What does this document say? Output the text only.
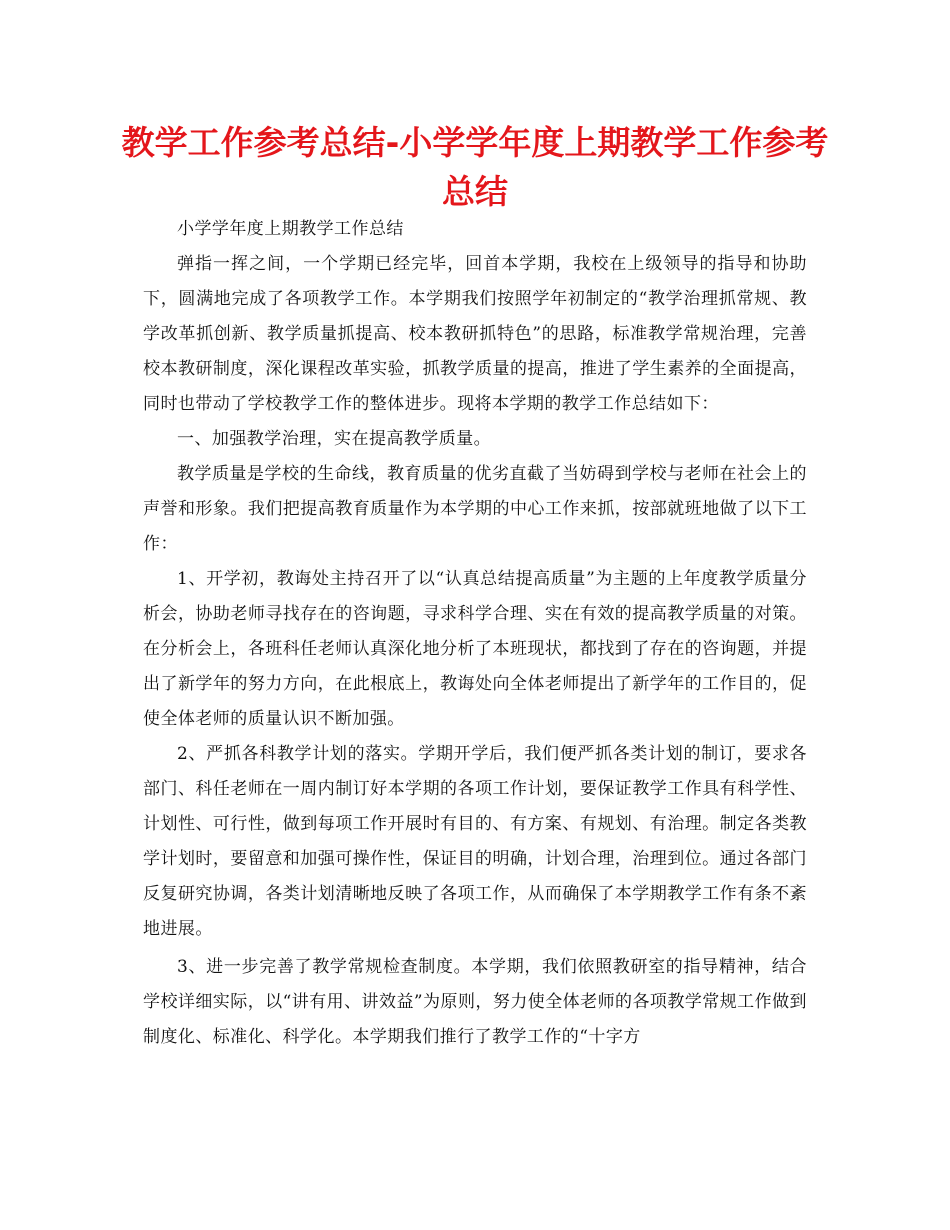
教学工作参考总结-小学学年度上期教学工作参考总结

小学学年度上期教学工作总结

弹指一挥之间，一个学期已经完毕，回首本学期，我校在上级领导的指导和协助下，圆满地完成了各项教学工作。本学期我们按照学年初制定的“教学治理抓常规、教学改革抓创新、教学质量抓提高、校本教研抓特色”的思路，标准教学常规治理，完善校本教研制度，深化课程改革实验，抓教学质量的提高，推进了学生素养的全面提高，同时也带动了学校教学工作的整体进步。现将本学期的教学工作总结如下：

一、加强教学治理，实在提高教学质量。

教学质量是学校的生命线，教育质量的优劣直截了当妨碍到学校与老师在社会上的声誉和形象。我们把提高教育质量作为本学期的中心工作来抓，按部就班地做了以下工作：

1、开学初，教诲处主持召开了以“认真总结提高质量”为主题的上年度教学质量分析会，协助老师寻找存在的咨询题，寻求科学合理、实在有效的提高教学质量的对策。在分析会上，各班科任老师认真深化地分析了本班现状，都找到了存在的咨询题，并提出了新学年的努力方向，在此根底上，教诲处向全体老师提出了新学年的工作目的，促使全体老师的质量认识不断加强。

2、严抓各科教学计划的落实。学期开学后，我们便严抓各类计划的制订，要求各部门、科任老师在一周内制订好本学期的各项工作计划，要保证教学工作具有科学性、计划性、可行性，做到每项工作开展时有目的、有方案、有规划、有治理。制定各类教学计划时，要留意和加强可操作性，保证目的明确，计划合理，治理到位。通过各部门反复研究协调，各类计划清晰地反映了各项工作，从而确保了本学期教学工作有条不紊地进展。

3、进一步完善了教学常规检查制度。本学期，我们依照教研室的指导精神，结合学校详细实际，以“讲有用、讲效益”为原则，努力使全体老师的各项教学常规工作做到制度化、标准化、科学化。本学期我们推行了教学工作的“十字方
